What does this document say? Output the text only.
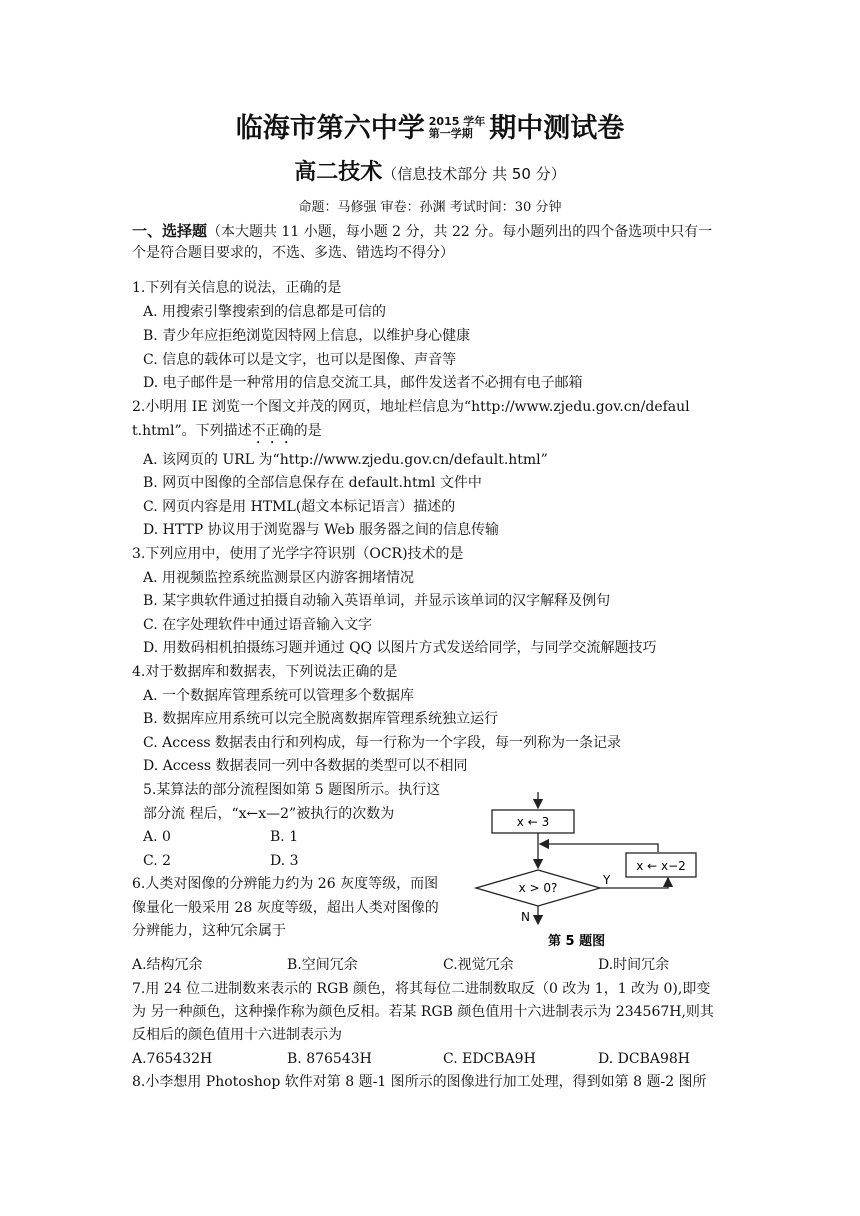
临海市第六中学 2015 学年
第一学期 期中测试卷
高二技术（信息技术部分 共 50 分）
命题：马修强 审卷：孙渊 考试时间：30 分钟
一、选择题（本大题共 11 小题，每小题 2 分，共 22 分。每小题列出的四个备选项中只有一
个是符合题目要求的，不选、多选、错选均不得分）
1.下列有关信息的说法，正确的是
A. 用搜索引擎搜索到的信息都是可信的
B. 青少年应拒绝浏览因特网上信息，以维护身心健康
C. 信息的载体可以是文字，也可以是图像、声音等
D. 电子邮件是一种常用的信息交流工具，邮件发送者不必拥有电子邮箱
2.小明用 IE 浏览一个图文并茂的网页，地址栏信息为“http://www.zjedu.gov.cn/defaul
t.html”。下列描述不正确的是
A. 该网页的 URL 为“http://www.zjedu.gov.cn/default.html”
B. 网页中图像的全部信息保存在 default.html 文件中
C. 网页内容是用 HTML(超文本标记语言）描述的
D. HTTP 协议用于浏览器与 Web 服务器之间的信息传输
3.下列应用中，使用了光学字符识别（OCR)技术的是
A. 用视频监控系统监测景区内游客拥堵情况
B. 某字典软件通过拍摄自动输入英语单词，并显示该单词的汉字解释及例句
C. 在字处理软件中通过语音输入文字
D. 用数码相机拍摄练习题并通过 QQ 以图片方式发送给同学，与同学交流解题技巧
4.对于数据库和数据表，下列说法正确的是
A. 一个数据库管理系统可以管理多个数据库
B. 数据库应用系统可以完全脱离数据库管理系统独立运行
C. Access 数据表由行和列构成，每一行称为一个字段，每一列称为一条记录
D. Access 数据表同一列中各数据的类型可以不相同
5.某算法的部分流程图如第 5 题图所示。执行这
部分流 程后，“x←x—2”被执行的次数为
A. 0	B. 1
C. 2	D. 3
x ← 3
x ← x−2
x > 0?
Y
N
第 5 题图
6.人类对图像的分辨能力约为 26 灰度等级，而图
像量化一般采用 28 灰度等级，超出人类对图像的
分辨能力，这种冗余属于
A.结构冗余	B.空间冗余	C.视觉冗余	D.时间冗余
7.用 24 位二进制数来表示的 RGB 颜色，将其每位二进制数取反（0 改为 1，1 改为 0),即变
为 另一种颜色，这种操作称为颜色反相。若某 RGB 颜色值用十六进制表示为 234567H,则其
反相后的颜色值用十六进制表示为
A.765432H	B. 876543H	C. EDCBA9H	D. DCBA98H
8.小李想用 Photoshop 软件对第 8 题-1 图所示的图像进行加工处理，得到如第 8 题-2 图所
